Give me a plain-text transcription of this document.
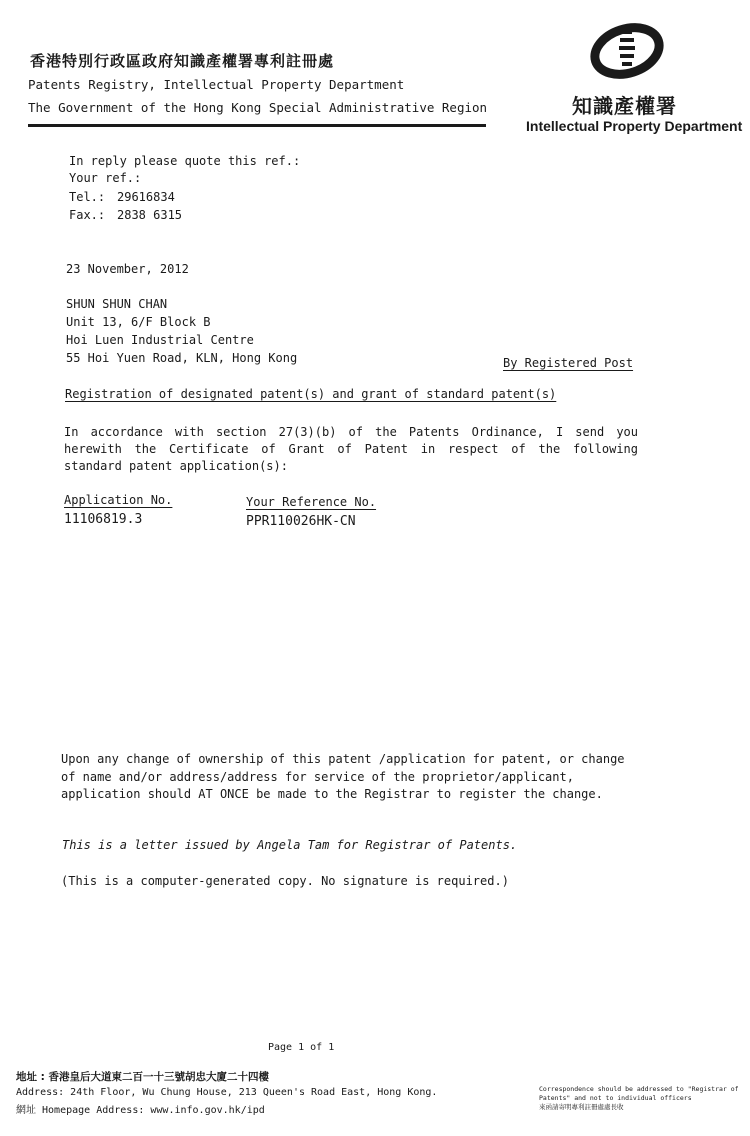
香港特別行政區政府知識產權署專利註冊處
Patents Registry, Intellectual Property Department
The Government of the Hong Kong Special Administrative Region	知識產權署
Intellectual Property Department
In reply please quote this ref.:
Your ref.:
Tel.: 29616834
Fax.: 2838 6315
23 November, 2012
SHUN SHUN CHAN
Unit 13, 6/F Block B
Hoi Luen Industrial Centre
55 Hoi Yuen Road, KLN, Hong Kong	By Registered Post
Registration of designated patent(s) and grant of standard patent(s)
In accordance with section 27(3)(b) of the Patents Ordinance, I send you herewith the Certificate of Grant of Patent in respect of the following standard patent application(s):
Application No.	Your Reference No.
11106819.3	PPR110026HK-CN
Upon any change of ownership of this patent /application for patent, or change of name and/or address/address for service of the proprietor/applicant, application should AT ONCE be made to the Registrar to register the change.
This is a letter issued by Angela Tam for Registrar of Patents.
(This is a computer-generated copy. No signature is required.)
Page 1 of 1
地址 : 香港皇后大道東二百一十三號胡忠大廈二十四樓
Address: 24th Floor, Wu Chung House, 213 Queen's Road East, Hong Kong.
網址 Homepage Address: www.info.gov.hk/ipd
Correspondence should be addressed to "Registrar of
Patents" and not to individual officers
來函請寄明專利註冊處處長收
